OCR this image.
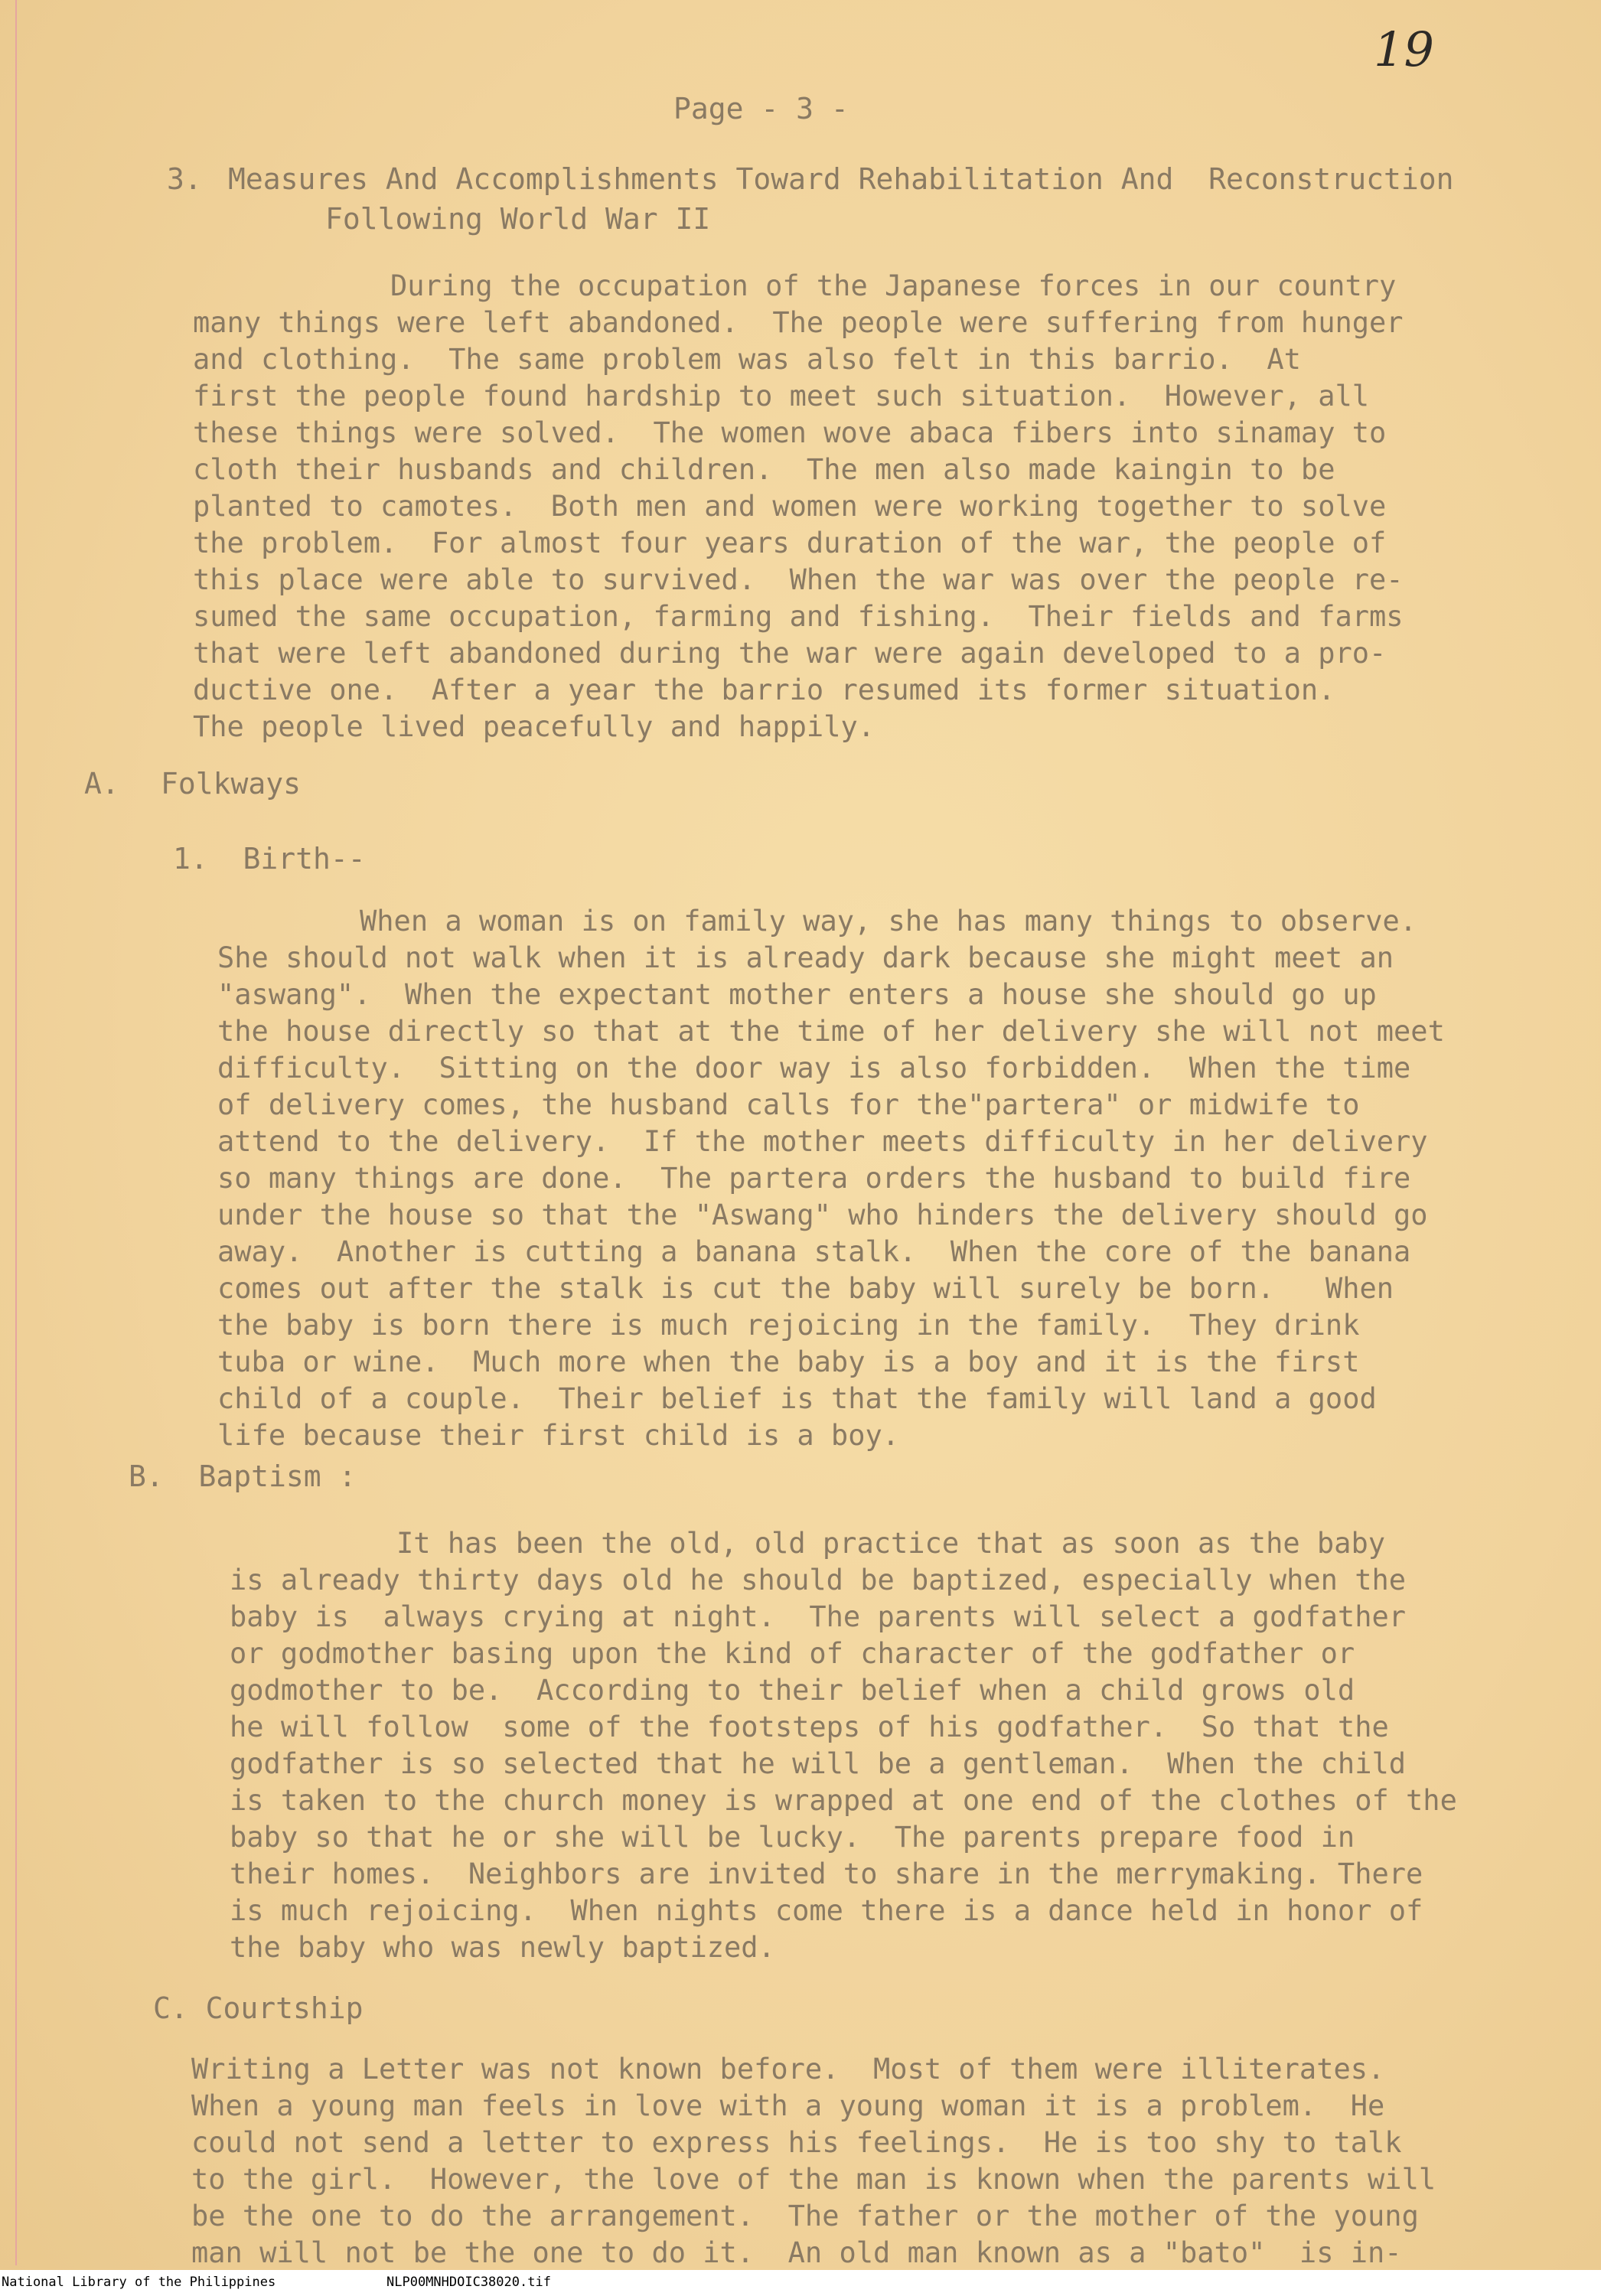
19
Page - 3 -
3. Measures And Accomplishments Toward Rehabilitation And  Reconstruction
Following World War II
During the occupation of the Japanese forces in our country
many things were left abandoned.  The people were suffering from hunger
and clothing.  The same problem was also felt in this barrio.  At
first the people found hardship to meet such situation.  However, all
these things were solved.  The women wove abaca fibers into sinamay to
cloth their husbands and children.  The men also made kaingin to be
planted to camotes.  Both men and women were working together to solve
the problem.  For almost four years duration of the war, the people of
this place were able to survived.  When the war was over the people re-
sumed the same occupation, farming and fishing.  Their fields and farms
that were left abandoned during the war were again developed to a pro-
ductive one.  After a year the barrio resumed its former situation.
The people lived peacefully and happily.
A. Folkways
1.  Birth--
When a woman is on family way, she has many things to observe.
She should not walk when it is already dark because she might meet an
"aswang".  When the expectant mother enters a house she should go up
the house directly so that at the time of her delivery she will not meet
difficulty.  Sitting on the door way is also forbidden.  When the time
of delivery comes, the husband calls for the"partera" or midwife to
attend to the delivery.  If the mother meets difficulty in her delivery
so many things are done.  The partera orders the husband to build fire
under the house so that the "Aswang" who hinders the delivery should go
away.  Another is cutting a banana stalk.  When the core of the banana
comes out after the stalk is cut the baby will surely be born.   When
the baby is born there is much rejoicing in the family.  They drink
tuba or wine.  Much more when the baby is a boy and it is the first
child of a couple.  Their belief is that the family will land a good
life because their first child is a boy.
B.  Baptism :
It has been the old, old practice that as soon as the baby
is already thirty days old he should be baptized, especially when the
baby is  always crying at night.  The parents will select a godfather
or godmother basing upon the kind of character of the godfather or
godmother to be.  According to their belief when a child grows old
he will follow  some of the footsteps of his godfather.  So that the
godfather is so selected that he will be a gentleman.  When the child
is taken to the church money is wrapped at one end of the clothes of the
baby so that he or she will be lucky.  The parents prepare food in
their homes.  Neighbors are invited to share in the merrymaking. There
is much rejoicing.  When nights come there is a dance held in honor of
the baby who was newly baptized.
C. Courtship
Writing a Letter was not known before.  Most of them were illiterates.
When a young man feels in love with a young woman it is a problem.  He
could not send a letter to express his feelings.  He is too shy to talk
to the girl.  However, the love of the man is known when the parents will
be the one to do the arrangement.  The father or the mother of the young
man will not be the one to do it.  An old man known as a "bato"  is in-
National Library of the Philippines	NLP00MNHDOIC38020.tif
